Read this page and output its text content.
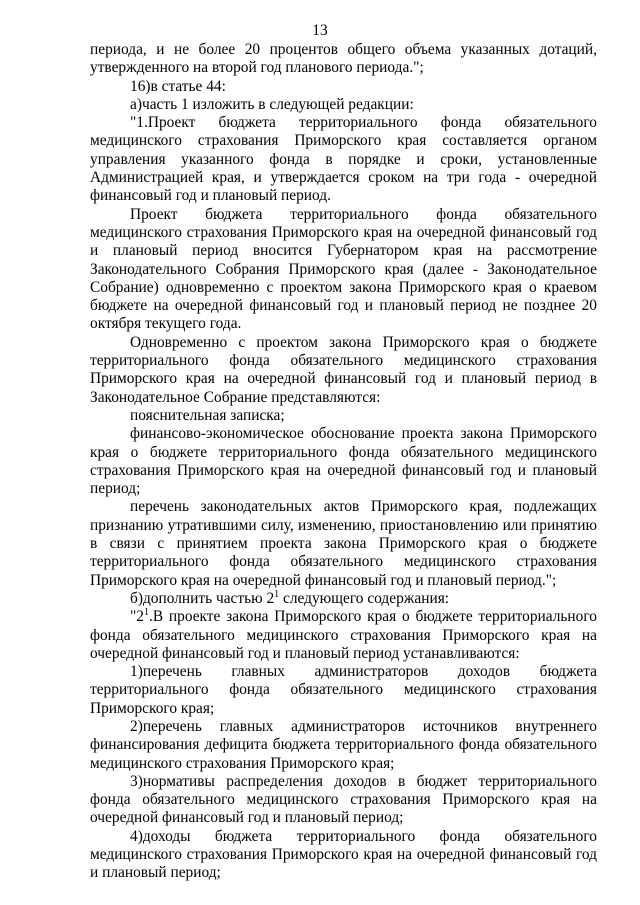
13

периода, и не более 20 процентов общего объема указанных дотаций, утвержденного на второй год планового периода.";

16)в статье 44:

а)часть 1 изложить в следующей редакции:

"1.Проект бюджета территориального фонда обязательного медицинского страхования Приморского края составляется органом управления указанного фонда в порядке и сроки, установленные Администрацией края, и утверждается сроком на три года - очередной финансовый год и плановый период.

Проект бюджета территориального фонда обязательного медицинского страхования Приморского края на очередной финансовый год и плановый период вносится Губернатором края на рассмотрение Законодательного Собрания Приморского края (далее - Законодательное Собрание) одновременно с проектом закона Приморского края о краевом бюджете на очередной финансовый год и плановый период не позднее 20 октября текущего года.

Одновременно с проектом закона Приморского края о бюджете территориального фонда обязательного медицинского страхования Приморского края на очередной финансовый год и плановый период в Законодательное Собрание представляются:

пояснительная записка;

финансово-экономическое обоснование проекта закона Приморского края о бюджете территориального фонда обязательного медицинского страхования Приморского края на очередной финансовый год и плановый период;

перечень законодательных актов Приморского края, подлежащих признанию утратившими силу, изменению, приостановлению или принятию в связи с принятием проекта закона Приморского края о бюджете территориального фонда обязательного медицинского страхования Приморского края на очередной финансовый год и плановый период.";

б)дополнить частью $2^1$ следующего содержания:

"$2^1.В$ проекте закона Приморского края о бюджете территориального фонда обязательного медицинского страхования Приморского края на очередной финансовый год и плановый период устанавливаются:

1)перечень главных администраторов доходов бюджета территориального фонда обязательного медицинского страхования Приморского края;

2)перечень главных администраторов источников внутреннего финансирования дефицита бюджета территориального фонда обязательного медицинского страхования Приморского края;

3)нормативы распределения доходов в бюджет территориального фонда обязательного медицинского страхования Приморского края на очередной финансовый год и плановый период;

4)доходы бюджета территориального фонда обязательного медицинского страхования Приморского края на очередной финансовый год и плановый период;
